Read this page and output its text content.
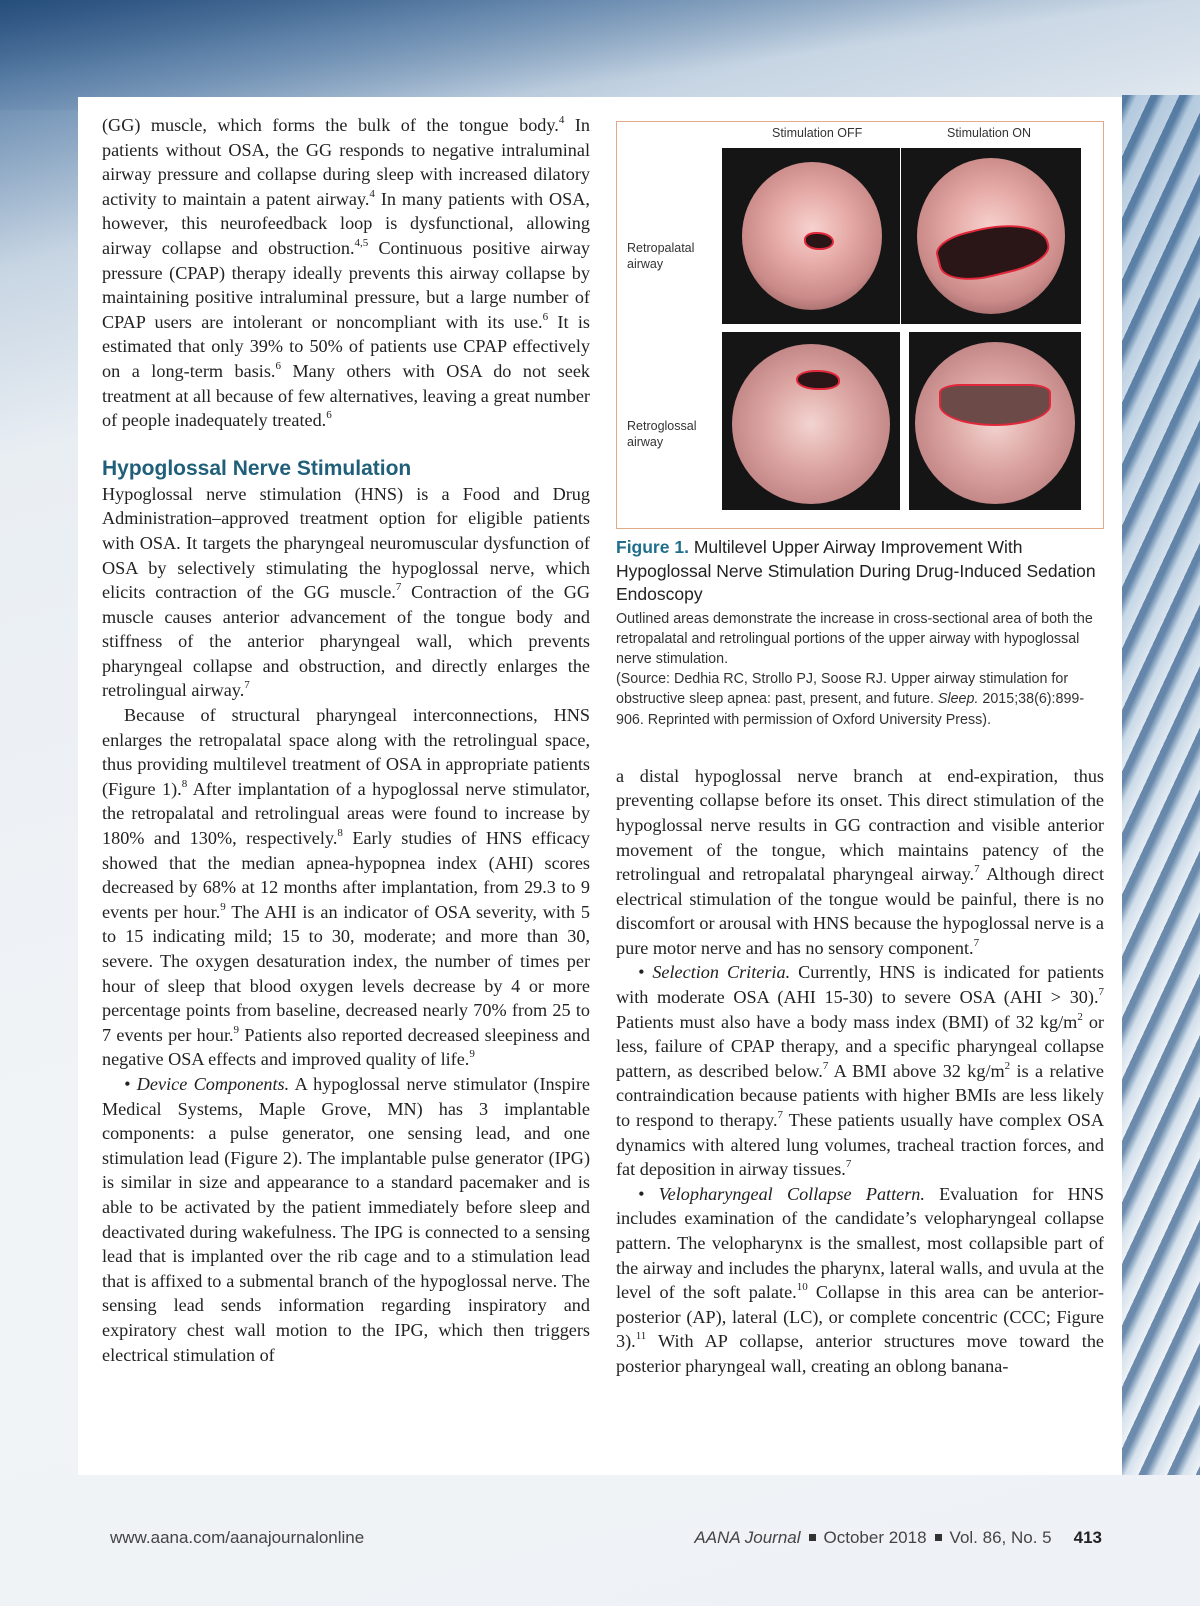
(GG) muscle, which forms the bulk of the tongue body.$^4$ In patients without OSA, the GG responds to negative intraluminal airway pressure and collapse during sleep with increased dilatory activity to maintain a patent airway.$^4$ In many patients with OSA, however, this neurofeedback loop is dysfunctional, allowing airway collapse and obstruction.$^{4,5}$ Continuous positive airway pressure (CPAP) therapy ideally prevents this airway collapse by maintaining positive intraluminal pressure, but a large number of CPAP users are intolerant or noncompliant with its use.$^6$ It is estimated that only 39% to 50% of patients use CPAP effectively on a long-term basis.$^6$ Many others with OSA do not seek treatment at all because of few alternatives, leaving a great number of people inadequately treated.$^6$

Hypoglossal Nerve Stimulation

Hypoglossal nerve stimulation (HNS) is a Food and Drug Administration–approved treatment option for eligible patients with OSA. It targets the pharyngeal neuromuscular dysfunction of OSA by selectively stimulating the hypoglossal nerve, which elicits contraction of the GG muscle.$^7$ Contraction of the GG muscle causes anterior advancement of the tongue body and stiffness of the anterior pharyngeal wall, which prevents pharyngeal collapse and obstruction, and directly enlarges the retrolingual airway.$^7$

Because of structural pharyngeal interconnections, HNS enlarges the retropalatal space along with the retrolingual space, thus providing multilevel treatment of OSA in appropriate patients (Figure 1).$^8$ After implantation of a hypoglossal nerve stimulator, the retropalatal and retrolingual areas were found to increase by 180% and 130%, respectively.$^8$ Early studies of HNS efficacy showed that the median apnea-hypopnea index (AHI) scores decreased by 68% at 12 months after implantation, from 29.3 to 9 events per hour.$^9$ The AHI is an indicator of OSA severity, with 5 to 15 indicating mild; 15 to 30, moderate; and more than 30, severe. The oxygen desaturation index, the number of times per hour of sleep that blood oxygen levels decrease by 4 or more percentage points from baseline, decreased nearly 70% from 25 to 7 events per hour.$^9$ Patients also reported decreased sleepiness and negative OSA effects and improved quality of life.$^9$

• Device Components. A hypoglossal nerve stimulator (Inspire Medical Systems, Maple Grove, MN) has 3 implantable components: a pulse generator, one sensing lead, and one stimulation lead (Figure 2). The implantable pulse generator (IPG) is similar in size and appearance to a standard pacemaker and is able to be activated by the patient immediately before sleep and deactivated during wakefulness. The IPG is connected to a sensing lead that is implanted over the rib cage and to a stimulation lead that is affixed to a submental branch of the hypoglossal nerve. The sensing lead sends information regarding inspiratory and expiratory chest wall motion to the IPG, which then triggers electrical stimulation of

Stimulation OFF	Stimulation ON
Retropalatal airway
Retroglossal airway
Figure 1. Multilevel Upper Airway Improvement With Hypoglossal Nerve Stimulation During Drug-Induced Sedation Endoscopy
Outlined areas demonstrate the increase in cross-sectional area of both the retropalatal and retrolingual portions of the upper airway with hypoglossal nerve stimulation.
(Source: Dedhia RC, Strollo PJ, Soose RJ. Upper airway stimulation for obstructive sleep apnea: past, present, and future. Sleep. 2015;38(6):899-906. Reprinted with permission of Oxford University Press).

a distal hypoglossal nerve branch at end-expiration, thus preventing collapse before its onset. This direct stimulation of the hypoglossal nerve results in GG contraction and visible anterior movement of the tongue, which maintains patency of the retrolingual and retropalatal pharyngeal airway.$^7$ Although direct electrical stimulation of the tongue would be painful, there is no discomfort or arousal with HNS because the hypoglossal nerve is a pure motor nerve and has no sensory component.$^7$

• Selection Criteria. Currently, HNS is indicated for patients with moderate OSA (AHI 15-30) to severe OSA (AHI > 30).$^7$ Patients must also have a body mass index (BMI) of 32 $kg/m^2$ or less, failure of CPAP therapy, and a specific pharyngeal collapse pattern, as described below.$^7$ A BMI above 32 $kg/m^2$ is a relative contraindication because patients with higher BMIs are less likely to respond to therapy.$^7$ These patients usually have complex OSA dynamics with altered lung volumes, tracheal traction forces, and fat deposition in airway tissues.$^7$

• Velopharyngeal Collapse Pattern. Evaluation for HNS includes examination of the candidate’s velopharyngeal collapse pattern. The velopharynx is the smallest, most collapsible part of the airway and includes the pharynx, lateral walls, and uvula at the level of the soft palate.$^{10}$ Collapse in this area can be anterior-posterior (AP), lateral (LC), or complete concentric (CCC; Figure 3).$^{11}$ With AP collapse, anterior structures move toward the posterior pharyngeal wall, creating an oblong banana-

www.aana.com/aanajournalonline	AANA Journal October 2018 Vol. 86, No. 5 413
